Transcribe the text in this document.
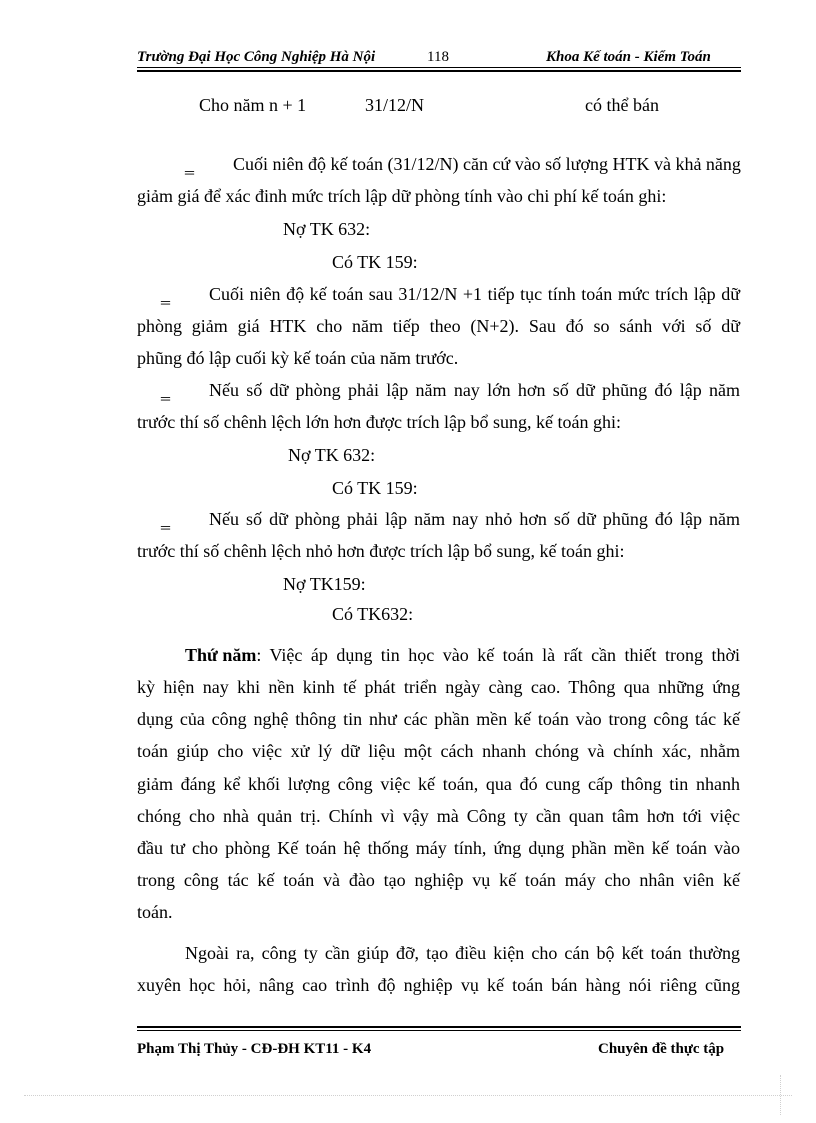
Trường Đại Học Công Nghiệp Hà Nội	118	Khoa Kế toán - Kiểm Toán
Cho năm n + 1	31/12/N	có thể bán
‗ Cuối niên độ kế toán (31/12/N) căn cứ vào số lượng HTK và khả năng
giảm giá để xác đinh mức trích lập dữ phòng tính vào chi phí kế toán ghi:
Nợ TK 632:
Có TK 159:
‗ Cuối niên độ kế toán sau 31/12/N +1 tiếp tục tính toán mức trích lập dữ
phòng giảm giá HTK cho năm tiếp theo (N+2). Sau đó so sánh với số dữ
phũng đó lập cuối kỳ kế toán của năm trước.
‗ Nếu số dữ phòng phải lập năm nay lớn hơn số dữ phũng đó lập năm
trước thí số chênh lệch lớn hơn được trích lập bổ sung, kế toán ghi:
Nợ TK 632:
Có TK 159:
‗ Nếu số dữ phòng phải lập năm nay nhỏ hơn số dữ phũng đó lập năm
trước thí số chênh lệch nhỏ hơn được trích lập bổ sung, kế toán ghi:
Nợ TK159:
Có TK632:
Thứ năm: Việc áp dụng tin học vào kế toán là rất cần thiết trong thời
kỳ hiện nay khi nền kinh tế phát triển ngày càng cao. Thông qua những ứng
dụng của công nghệ thông tin như các phần mền kế toán vào trong công tác kế
toán giúp cho việc xử lý dữ liệu một cách nhanh chóng và chính xác, nhằm
giảm đáng kể khối lượng công việc kế toán, qua đó cung cấp thông tin nhanh
chóng cho nhà quản trị. Chính vì vậy mà Công ty cần quan tâm hơn tới việc
đầu tư cho phòng Kế toán hệ thống máy tính, ứng dụng phần mền kế toán vào
trong công tác kế toán và đào tạo nghiệp vụ kế toán máy cho nhân viên kế
toán.
Ngoài ra, công ty cần giúp đỡ, tạo điều kiện cho cán bộ kết toán thường
xuyên học hỏi, nâng cao trình độ nghiệp vụ kế toán bán hàng nói riêng cũng
Phạm Thị Thủy - CĐ-ĐH KT11 - K4	Chuyên đề thực tập
